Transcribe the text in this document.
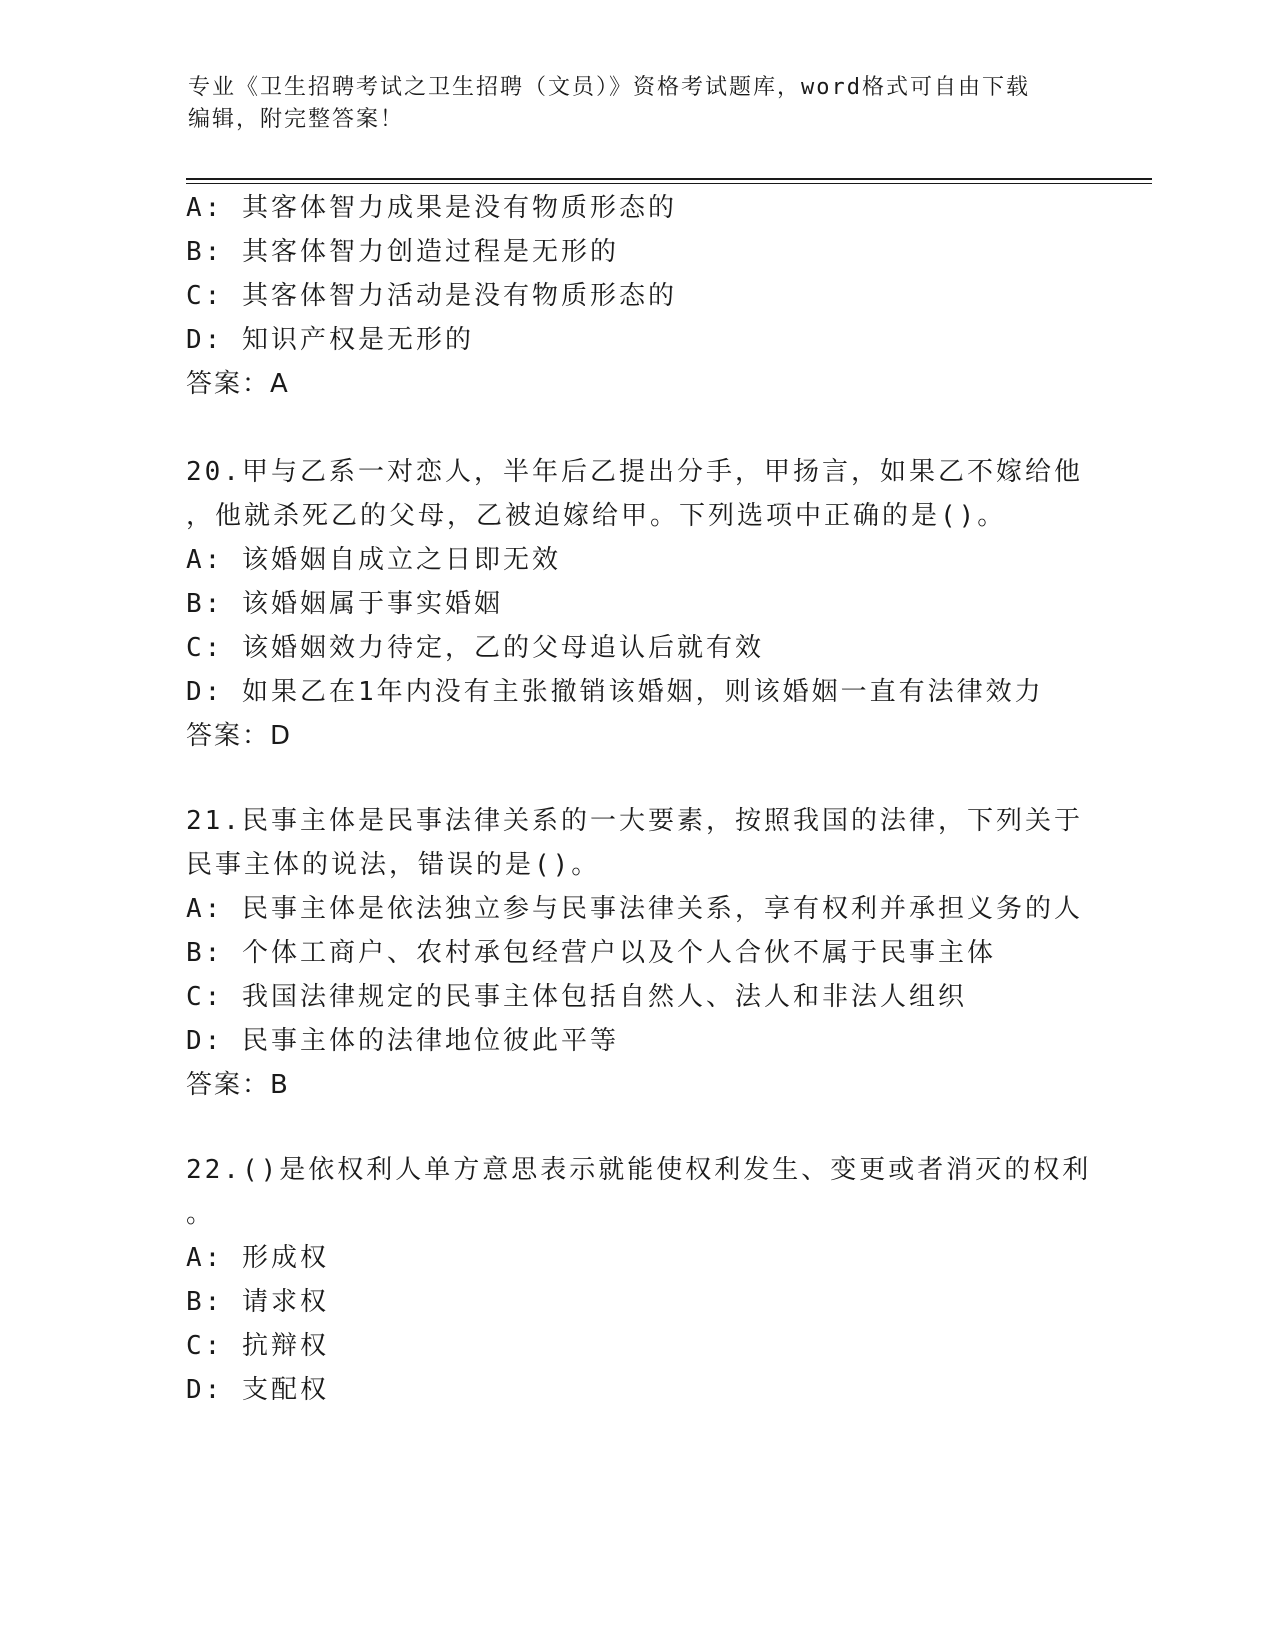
专业《卫生招聘考试之卫生招聘（文员）》资格考试题库，word格式可自由下载
编辑，附完整答案！
A: 其客体智力成果是没有物质形态的
B: 其客体智力创造过程是无形的
C: 其客体智力活动是没有物质形态的
D: 知识产权是无形的
答案：A
20.甲与乙系一对恋人，半年后乙提出分手，甲扬言，如果乙不嫁给他
，他就杀死乙的父母，乙被迫嫁给甲。下列选项中正确的是()。
A: 该婚姻自成立之日即无效
B: 该婚姻属于事实婚姻
C: 该婚姻效力待定，乙的父母追认后就有效
D: 如果乙在1年内没有主张撤销该婚姻，则该婚姻一直有法律效力
答案：D
21.民事主体是民事法律关系的一大要素，按照我国的法律，下列关于
民事主体的说法，错误的是()。
A: 民事主体是依法独立参与民事法律关系，享有权利并承担义务的人
B: 个体工商户、农村承包经营户以及个人合伙不属于民事主体
C: 我国法律规定的民事主体包括自然人、法人和非法人组织
D: 民事主体的法律地位彼此平等
答案：B
22.()是依权利人单方意思表示就能使权利发生、变更或者消灭的权利
。
A: 形成权
B: 请求权
C: 抗辩权
D: 支配权
